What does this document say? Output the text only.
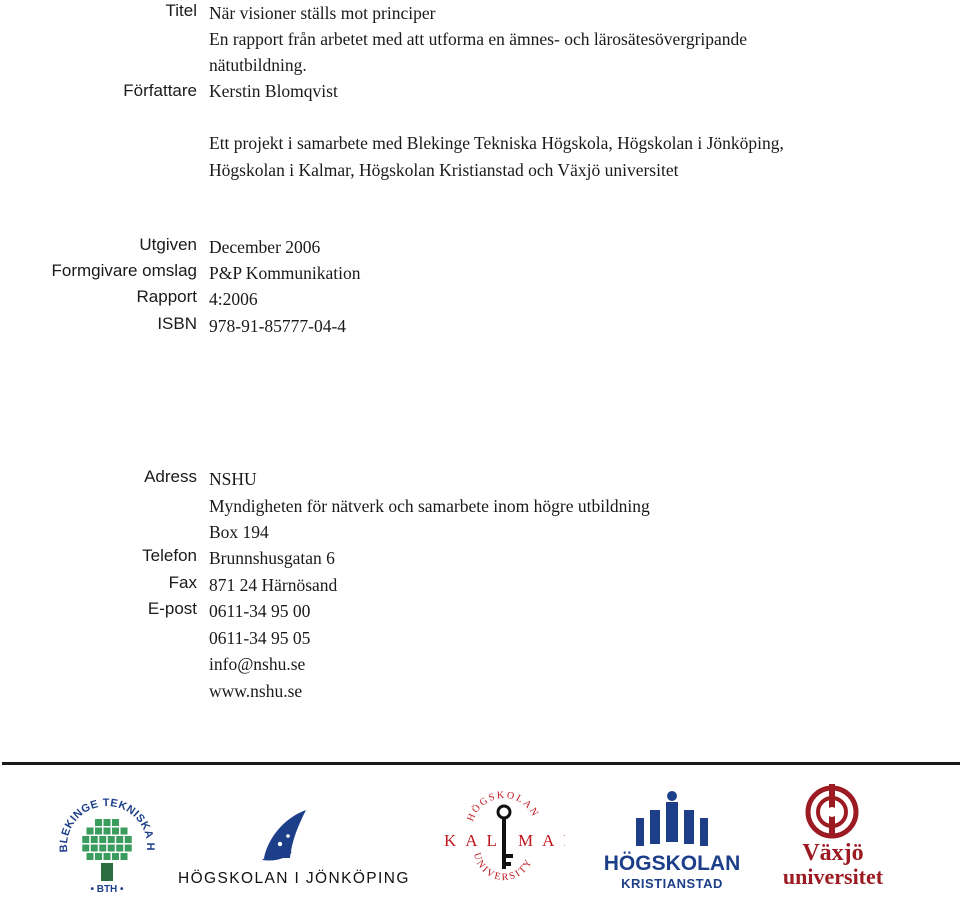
Titel
Författare
Utgiven
Formgivare omslag
Rapport
ISBN
Adress
Telefon
Fax
E-post
När visioner ställs mot principer
En rapport från arbetet med att utforma en ämnes- och lärosätesövergripande
nätutbildning.
Kerstin Blomqvist
Ett projekt i samarbete med Blekinge Tekniska Högskola, Högskolan i Jönköping,
Högskolan i Kalmar, Högskolan Kristianstad och Växjö universitet
December 2006
P&P Kommunikation
4:2006
978-91-85777-04-4
NSHU
Myndigheten för nätverk och samarbete inom högre utbildning
Box 194
Brunnshusgatan 6
871 24 Härnösand
0611-34 95 00
0611-34 95 05
info@nshu.se
www.nshu.se
BLEKINGE TEKNISKA H
• BTH •
HÖGSKOLAN I JÖNKÖPING
HÖGSKOLAN
UNIVERSITY
KAL MA
HÖGSKOLAN
KRISTIANSTAD
Växjö
universitet
